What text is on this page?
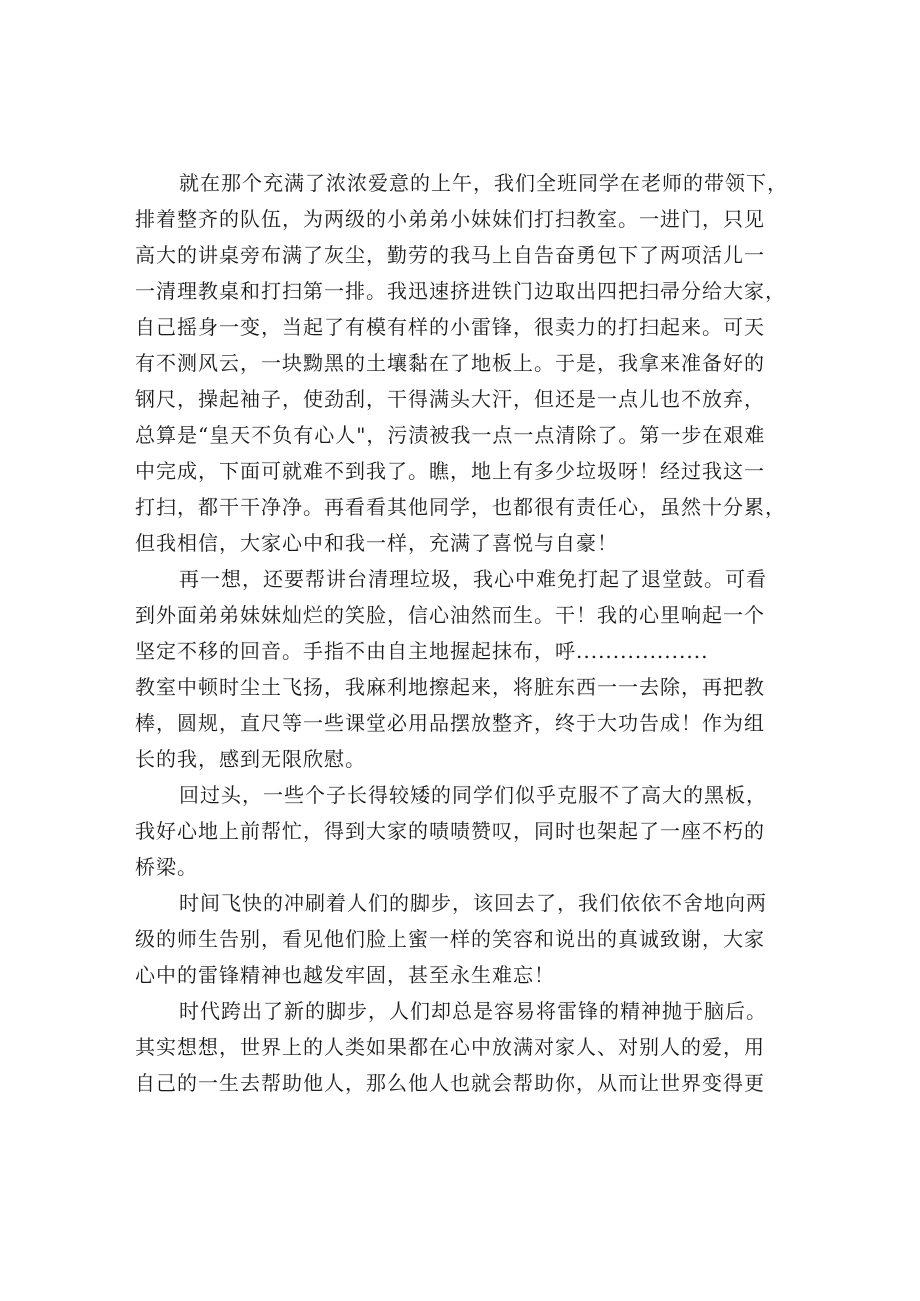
就在那个充满了浓浓爱意的上午，我们全班同学在老师的带领下，
排着整齐的队伍，为两级的小弟弟小妹妹们打扫教室。一进门，只见
高大的讲桌旁布满了灰尘，勤劳的我马上自告奋勇包下了两项活儿一
一清理教桌和打扫第一排。我迅速挤进铁门边取出四把扫帚分给大家，
自己摇身一变，当起了有模有样的小雷锋，很卖力的打扫起来。可天
有不测风云，一块黝黑的土壤黏在了地板上。于是，我拿来准备好的
钢尺，操起袖子，使劲刮，干得满头大汗，但还是一点儿也不放弃，
总算是“皇天不负有心人"，污渍被我一点一点清除了。第一步在艰难
中完成，下面可就难不到我了。瞧，地上有多少垃圾呀！经过我这一
打扫，都干干净净。再看看其他同学，也都很有责任心，虽然十分累，
但我相信，大家心中和我一样，充满了喜悦与自豪！
再一想，还要帮讲台清理垃圾，我心中难免打起了退堂鼓。可看
到外面弟弟妹妹灿烂的笑脸，信心油然而生。干！我的心里响起一个
坚定不移的回音。手指不由自主地握起抹布，呼..................
教室中顿时尘土飞扬，我麻利地擦起来，将脏东西一一去除，再把教
棒，圆规，直尺等一些课堂必用品摆放整齐，终于大功告成！作为组
长的我，感到无限欣慰。
回过头，一些个子长得较矮的同学们似乎克服不了高大的黑板，
我好心地上前帮忙，得到大家的啧啧赞叹，同时也架起了一座不朽的
桥梁。
时间飞快的冲刷着人们的脚步，该回去了，我们依依不舍地向两
级的师生告别，看见他们脸上蜜一样的笑容和说出的真诚致谢，大家
心中的雷锋精神也越发牢固，甚至永生难忘！
时代跨出了新的脚步，人们却总是容易将雷锋的精神抛于脑后。
其实想想，世界上的人类如果都在心中放满对家人、对别人的爱，用
自己的一生去帮助他人，那么他人也就会帮助你，从而让世界变得更
